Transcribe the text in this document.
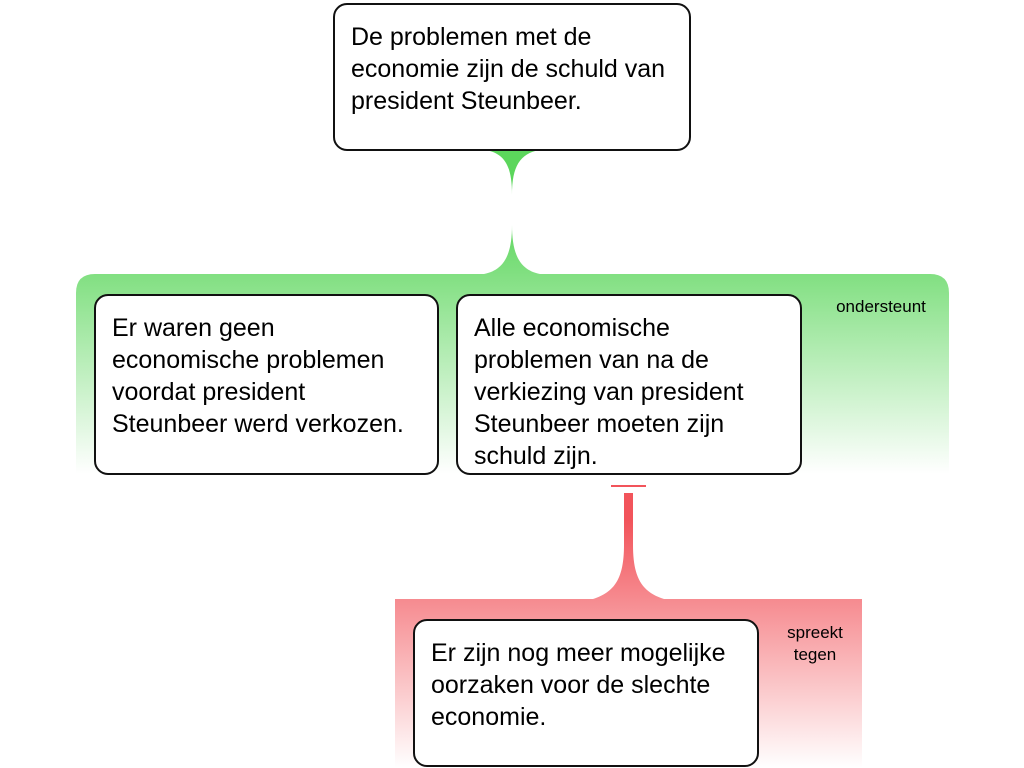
De problemen met de economie zijn de schuld van president Steunbeer.
Er waren geen economische problemen voordat president Steunbeer werd verkozen.
Alle economische problemen van na de verkiezing van president Steunbeer moeten zijn schuld zijn.
ondersteunt
Er zijn nog meer mogelijke oorzaken voor de slechte economie.
spreekt tegen
